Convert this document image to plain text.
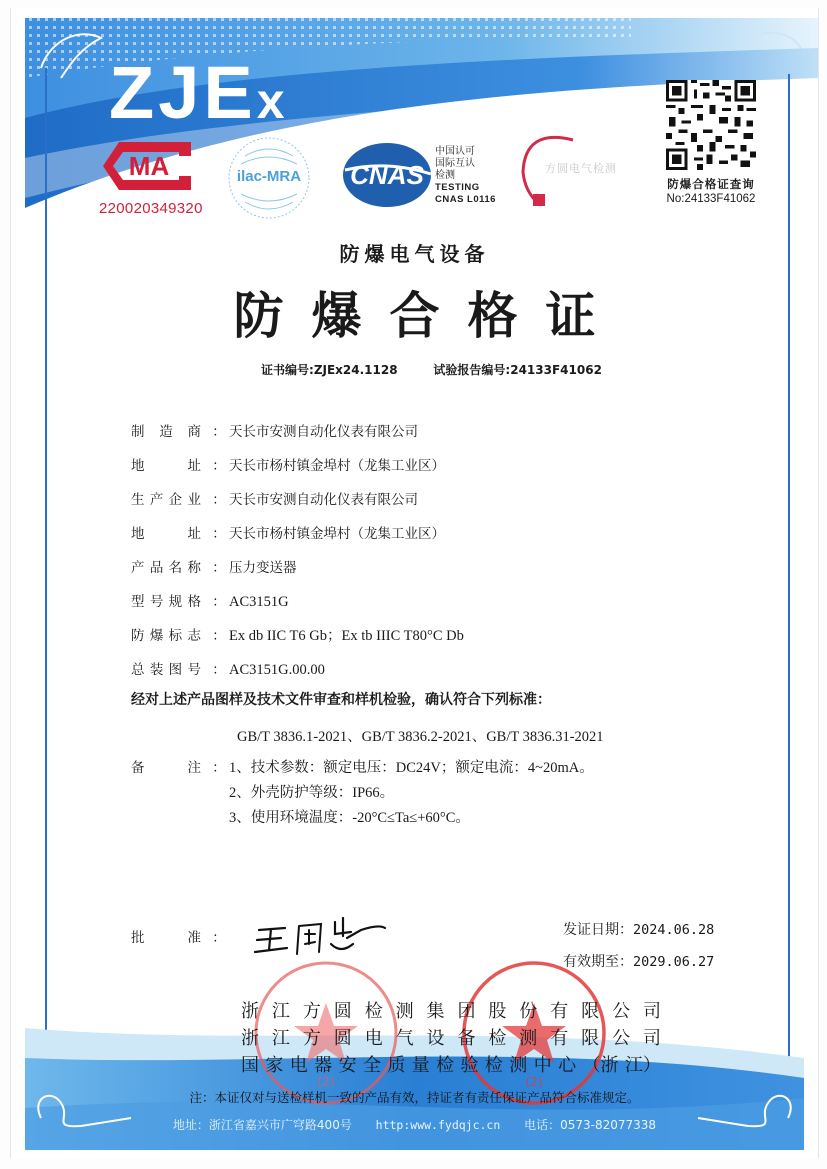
ZJEx
MA
220020349320
ilac-MRA	CNAS
中国认可
国际互认
检测
TESTING
CNAS L0116
方圆电气检测
防爆合格证查询
No:24133F41062
防爆电气设备
防爆合格证
证书编号:ZJEx24.1128	试验报告编号:24133F41062
制 造 商 ： 天长市安测自动化仪表有限公司
地	址 ： 天长市杨村镇金埠村（龙集工业区）
生 产 企 业 ： 天长市安测自动化仪表有限公司
地	址 ： 天长市杨村镇金埠村（龙集工业区）
产 品 名 称 ： 压力变送器
型 号 规 格 ： AC3151G
防 爆 标 志 ： Ex db IIC T6 Gb；Ex tb IIIC T80°C Db
总 装 图 号 ： AC3151G.00.00
经对上述产品图样及技术文件审查和样机检验，确认符合下列标准：
GB/T 3836.1-2021、GB/T 3836.2-2021、GB/T 3836.31-2021
备	注 ： 1、技术参数：额定电压：DC24V；额定电流：4~20mA。
2、外壳防护等级：IP66。
3、使用环境温度：-20°C≤Ta≤+60°C。
批	准 ：	发证日期：2024.06.28
有效期至：2029.06.27
(2)	(2)
浙 江 方 圆 检 测 集 团 股 份 有 限 公 司
浙 江 方 圆 电 气 设 备 检 测 有 限 公 司
国 家 电 器 安 全 质 量 检 验 检 测 中 心 （浙 江）
注：本证仅对与送检样机一致的产品有效，持证者有责任保证产品符合标准规定。
地址：浙江省嘉兴市广穹路400号 http:www.fydqjc.cn 电话：0573-82077338
